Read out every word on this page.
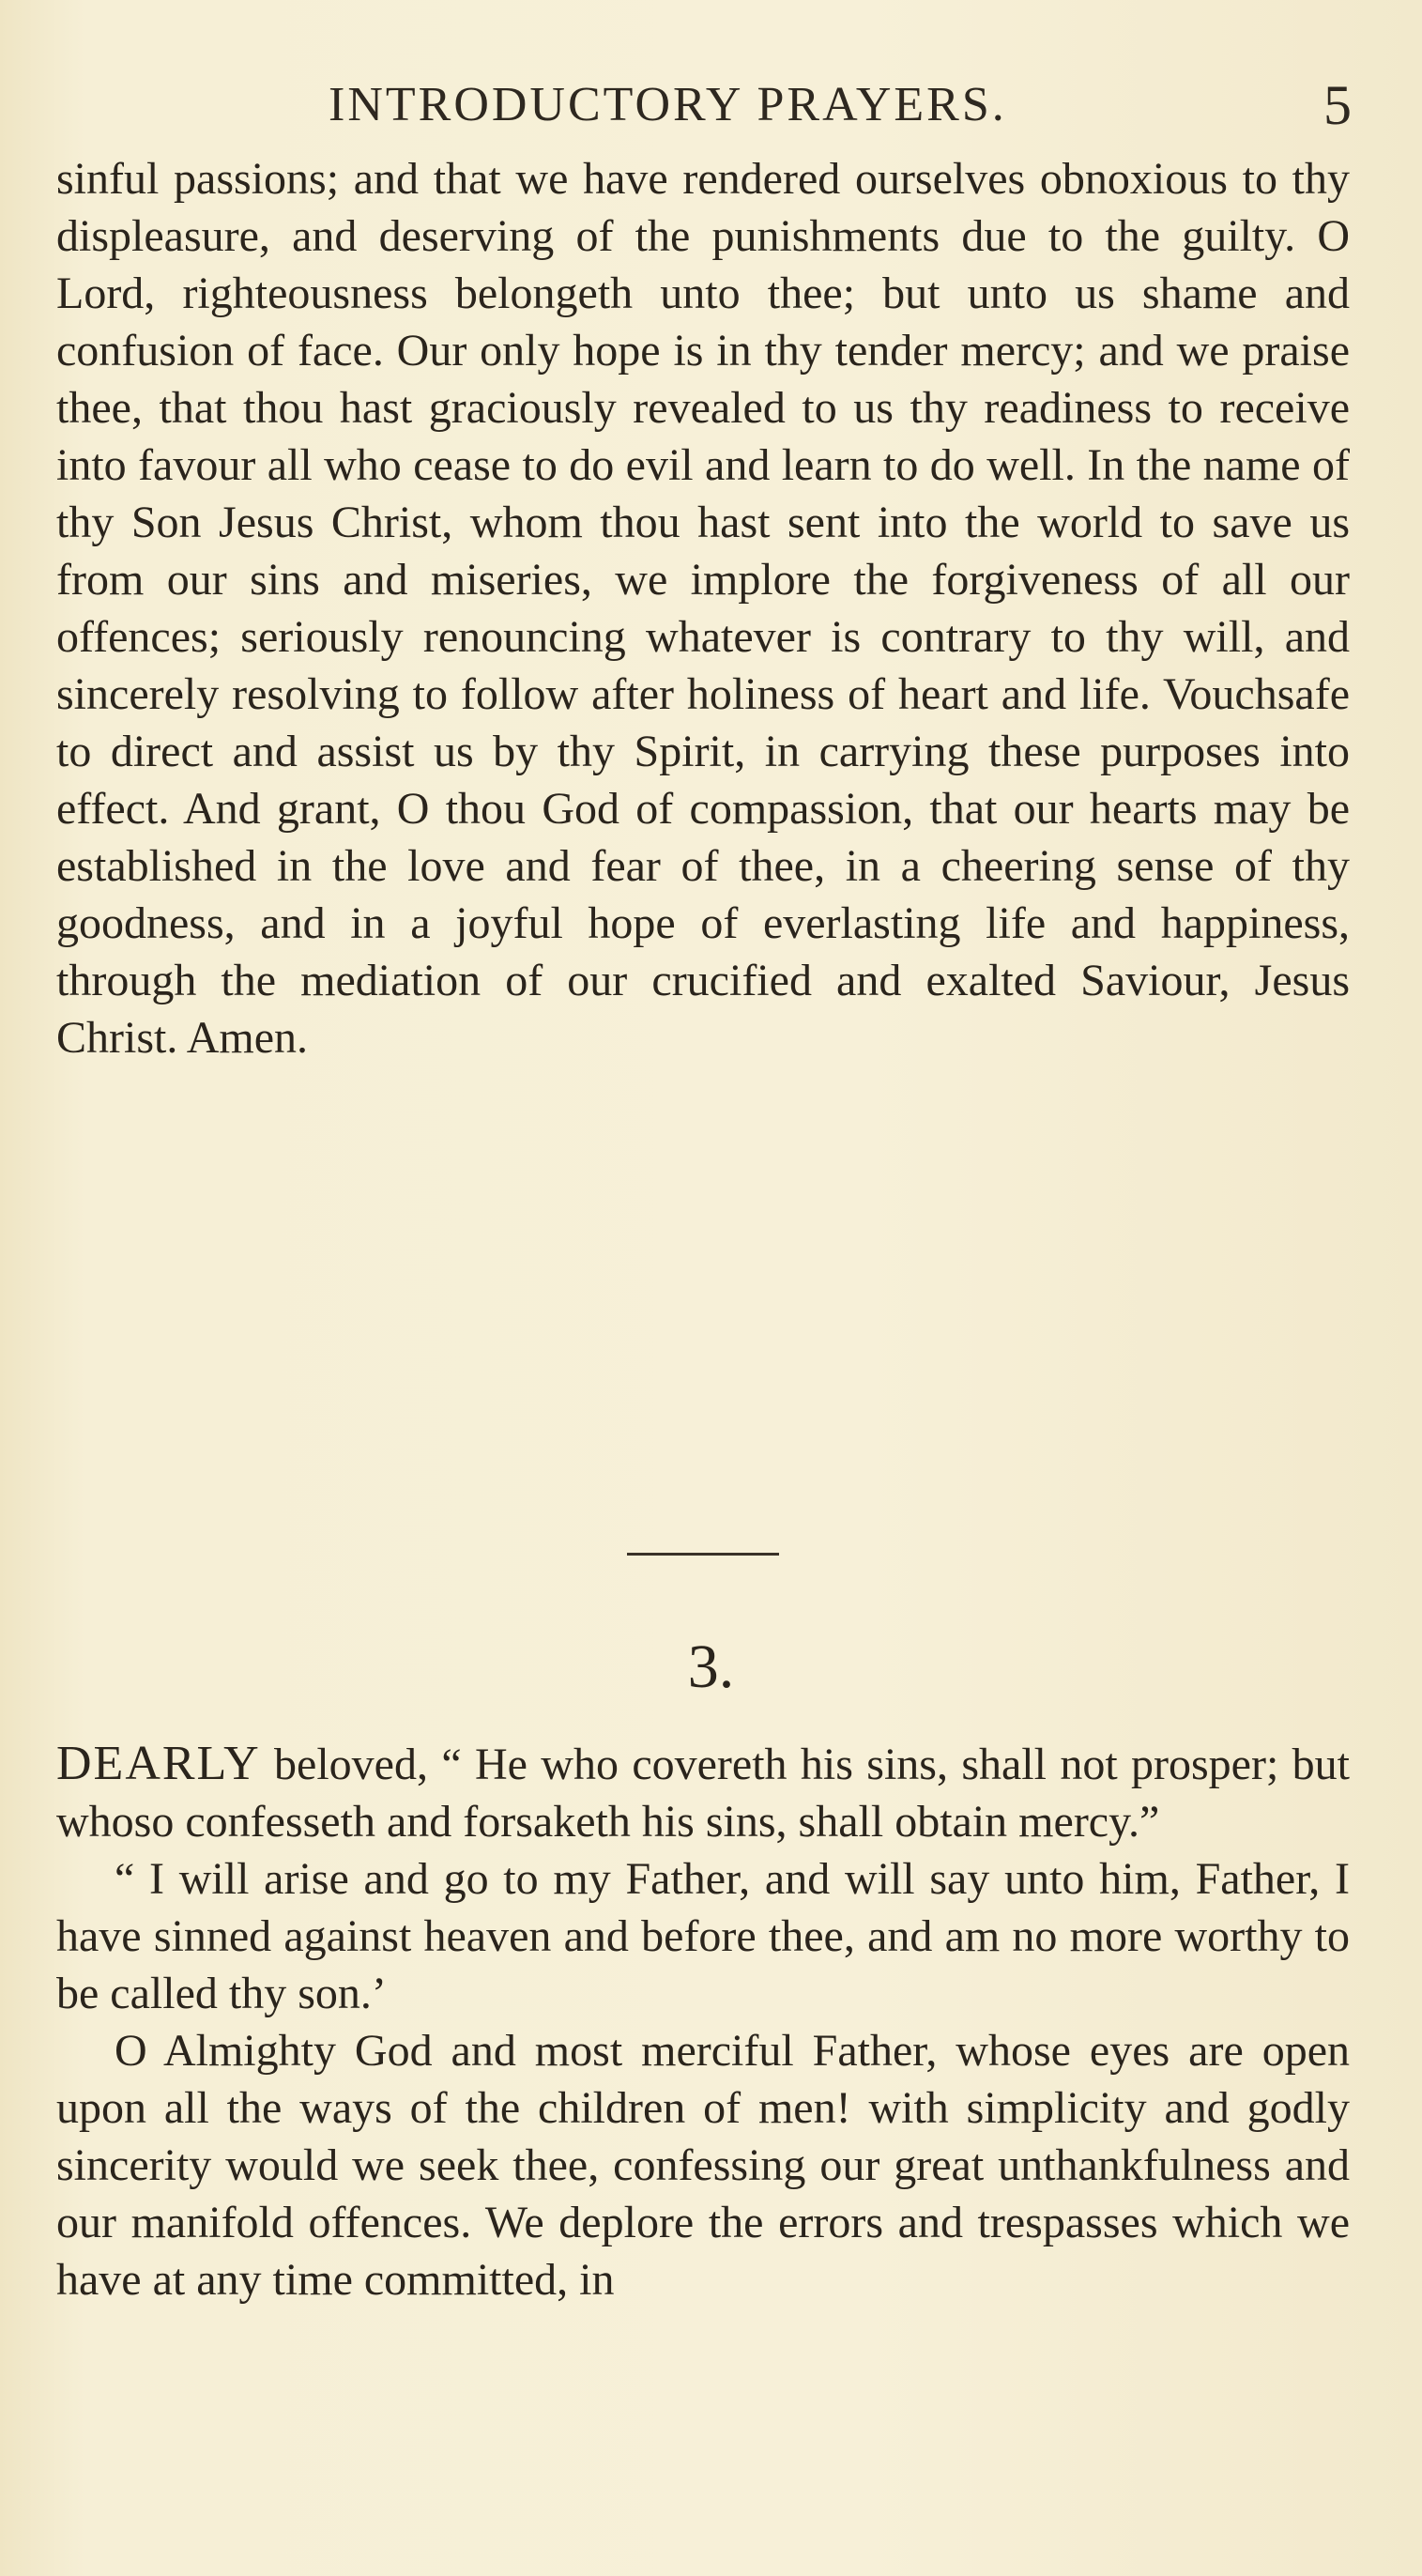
INTRODUCTORY PRAYERS.	5

sinful passions; and that we have rendered ourselves obnoxious to thy displeasure, and deserving of the punishments due to the guilty. O Lord, righteousness belongeth unto thee; but unto us shame and confusion of face. Our only hope is in thy tender mercy; and we praise thee, that thou hast graciously revealed to us thy readiness to receive into favour all who cease to do evil and learn to do well. In the name of thy Son Jesus Christ, whom thou hast sent into the world to save us from our sins and miseries, we implore the forgiveness of all our offences; seriously renouncing whatever is contrary to thy will, and sincerely resolving to follow after holiness of heart and life. Vouchsafe to direct and assist us by thy Spirit, in carrying these purposes into effect. And grant, O thou God of compassion, that our hearts may be established in the love and fear of thee, in a cheering sense of thy goodness, and in a joyful hope of everlasting life and happiness, through the mediation of our crucified and exalted Saviour, Jesus Christ. Amen.

3.

DEARLY beloved, “ He who covereth his sins, shall not prosper; but whoso confesseth and forsaketh his sins, shall obtain mercy.”

“ I will arise and go to my Father, and will say unto him, Father, I have sinned against heaven and before thee, and am no more worthy to be called thy son.’

O Almighty God and most merciful Father, whose eyes are open upon all the ways of the children of men! with simplicity and godly sincerity would we seek thee, confessing our great unthankfulness and our manifold offences. We deplore the errors and trespasses which we have at any time committed, in
